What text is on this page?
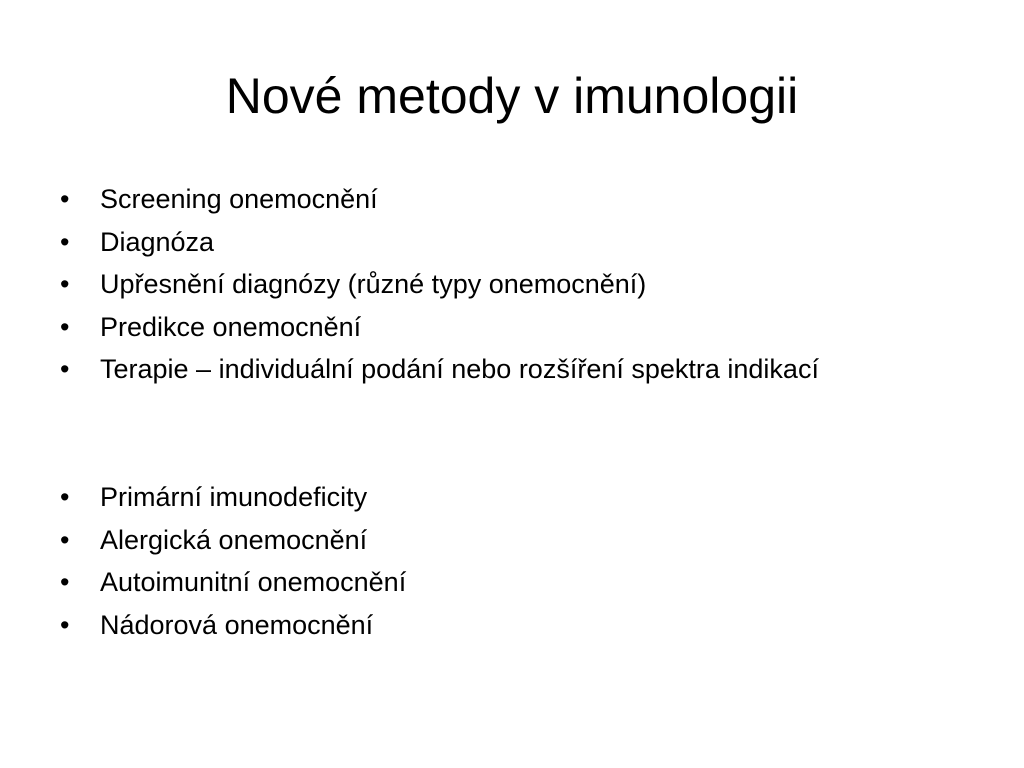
Nové metody v imunologii
• Screening onemocnění
• Diagnóza
• Upřesnění diagnózy (různé typy onemocnění)
• Predikce onemocnění
• Terapie – individuální podání nebo rozšíření spektra indikací
• Primární imunodeficity
• Alergická onemocnění
• Autoimunitní onemocnění
• Nádorová onemocnění
